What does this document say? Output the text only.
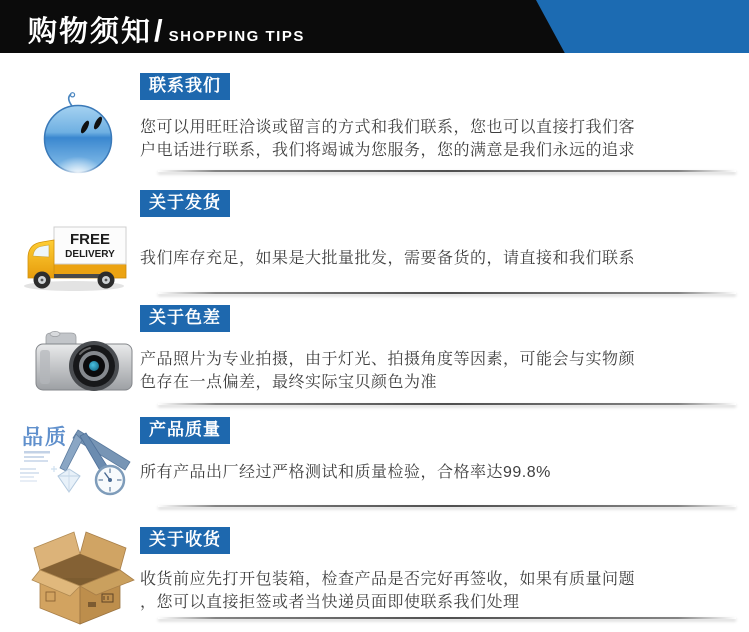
购物须知 / SHOPPING TIPS
联系我们
您可以用旺旺洽谈或留言的方式和我们联系，您也可以直接打我们客
户电话进行联系，我们将竭诚为您服务，您的满意是我们永远的追求
FREE
DELIVERY
关于发货
我们库存充足，如果是大批量批发，需要备货的，请直接和我们联系
关于色差
产品照片为专业拍摄，由于灯光、拍摄角度等因素，可能会与实物颜
色存在一点偏差，最终实际宝贝颜色为准
品质	产品质量
所有产品出厂经过严格测试和质量检验，合格率达99.8%
关于收货
收货前应先打开包装箱，检查产品是否完好再签收，如果有质量问题
，您可以直接拒签或者当快递员面即使联系我们处理
